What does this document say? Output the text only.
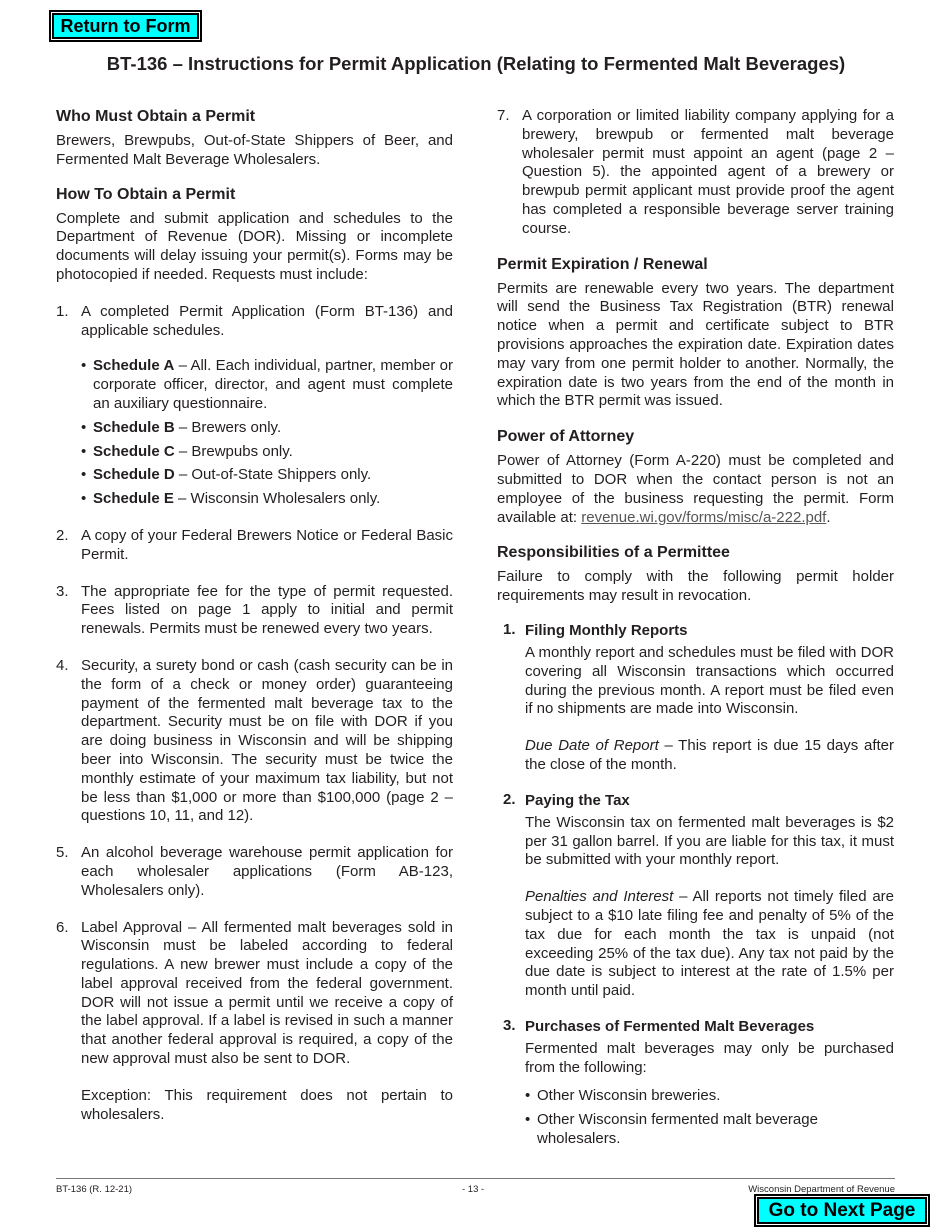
Return to Form
BT-136 – Instructions for Permit Application (Relating to Fermented Malt Beverages)
Who Must Obtain a Permit

Brewers, Brewpubs, Out-of-State Shippers of Beer, and Fermented Malt Beverage Wholesalers.

How To Obtain a Permit

Complete and submit application and schedules to the Department of Revenue (DOR). Missing or incomplete documents will delay issuing your permit(s). Forms may be photocopied if needed. Requests must include:

1. A completed Permit Application (Form BT-136) and applicable schedules.
• Schedule A – All. Each individual, partner, member or corporate officer, director, and agent must complete an auxiliary questionnaire.
• Schedule B – Brewers only.
• Schedule C – Brewpubs only.
• Schedule D – Out-of-State Shippers only.
• Schedule E – Wisconsin Wholesalers only.
2. A copy of your Federal Brewers Notice or Federal Basic Permit.
3. The appropriate fee for the type of permit requested. Fees listed on page 1 apply to initial and permit renewals. Permits must be renewed every two years.
4. Security, a surety bond or cash (cash security can be in the form of a check or money order) guaranteeing payment of the fermented malt beverage tax to the department. Security must be on file with DOR if you are doing business in Wisconsin and will be shipping beer into Wisconsin. The security must be twice the monthly estimate of your maximum tax liability, but not be less than $1,000 or more than $100,000 (page 2 – questions 10, 11, and 12).
5. An alcohol beverage warehouse permit application for each wholesaler applications (Form AB-123, Wholesalers only).
6. Label Approval – All fermented malt beverages sold in Wisconsin must be labeled according to federal regulations. A new brewer must include a copy of the label approval received from the federal government. DOR will not issue a permit until we receive a copy of the label approval. If a label is revised in such a manner that another federal approval is required, a copy of the new approval must also be sent to DOR.

Exception: This requirement does not pertain to wholesalers.

7. A corporation or limited liability company applying for a brewery, brewpub or fermented malt beverage wholesaler permit must appoint an agent (page 2 – Question 5). the appointed agent of a brewery or brewpub permit applicant must provide proof the agent has completed a responsible beverage server training course.
Permit Expiration / Renewal

Permits are renewable every two years. The department will send the Business Tax Registration (BTR) renewal notice when a permit and certificate subject to BTR provisions approaches the expiration date. Expiration dates may vary from one permit holder to another. Normally, the expiration date is two years from the end of the month in which the BTR permit was issued.

Power of Attorney

Power of Attorney (Form A-220) must be completed and submitted to DOR when the contact person is not an employee of the business requesting the permit. Form available at: revenue.wi.gov/forms/misc/a-222.pdf.

Responsibilities of a Permittee

Failure to comply with the following permit holder requirements may result in revocation.

1. Filing Monthly Reports

A monthly report and schedules must be filed with DOR covering all Wisconsin transactions which occurred during the previous month. A report must be filed even if no shipments are made into Wisconsin.

Due Date of Report – This report is due 15 days after the close of the month.

2. Paying the Tax

The Wisconsin tax on fermented malt beverages is $2 per 31 gallon barrel. If you are liable for this tax, it must be submitted with your monthly report.

Penalties and Interest – All reports not timely filed are subject to a $10 late filing fee and penalty of 5% of the tax due for each month the tax is unpaid (not exceeding 25% of the tax due). Any tax not paid by the due date is subject to interest at the rate of 1.5% per month until paid.

3. Purchases of Fermented Malt Beverages

Fermented malt beverages may only be purchased from the following:

• Other Wisconsin breweries.
• Other Wisconsin fermented malt beverage wholesalers.
BT-136 (R. 12-21)	- 13 -	Wisconsin Department of Revenue
Go to Next Page
